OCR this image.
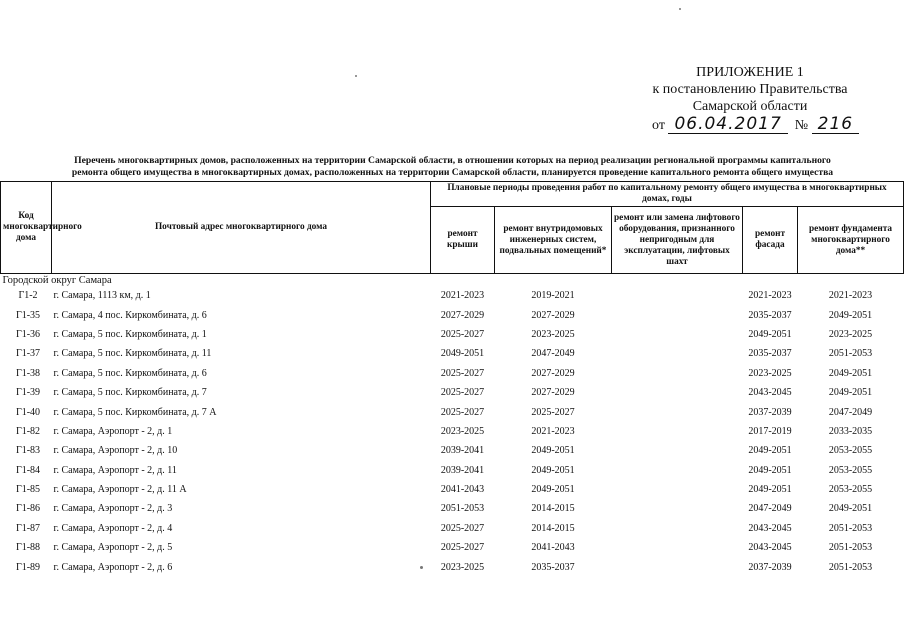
ПРИЛОЖЕНИЕ 1
к постановлению Правительства
Самарской области
от 06.04.2017 № 216
Перечень многоквартирных домов, расположенных на территории Самарской области, в отношении которых на период реализации региональной программы капитального
ремонта общего имущества в многоквартирных домах, расположенных на территории Самарской области, планируется проведение капитального ремонта общего имущества
Код многоквартирного дома	Почтовый адрес многоквартирного дома	Плановые периоды проведения работ по капитальному ремонту общего имущества в многоквартирных домах, годы				
		ремонт крыши	ремонт внутридомовых инженерных систем, подвальных помещений*	ремонт или замена лифтового оборудования, признанного непригодным для эксплуатации, лифтовых шахт	ремонт фасада	ремонт фундамента многоквартирного дома**
Городской округ Самара						
Г1-2	г. Самара, 1113 км, д. 1	2021-2023	2019-2021		2021-2023	2021-2023
Г1-35	г. Самара, 4 пос. Киркомбината, д. 6	2027-2029	2027-2029		2035-2037	2049-2051
Г1-36	г. Самара, 5 пос. Киркомбината, д. 1	2025-2027	2023-2025		2049-2051	2023-2025
Г1-37	г. Самара, 5 пос. Киркомбината, д. 11	2049-2051	2047-2049		2035-2037	2051-2053
Г1-38	г. Самара, 5 пос. Киркомбината, д. 6	2025-2027	2027-2029		2023-2025	2049-2051
Г1-39	г. Самара, 5 пос. Киркомбината, д. 7	2025-2027	2027-2029		2043-2045	2049-2051
Г1-40	г. Самара, 5 пос. Киркомбината, д. 7 А	2025-2027	2025-2027		2037-2039	2047-2049
Г1-82	г. Самара, Аэропорт - 2, д. 1	2023-2025	2021-2023		2017-2019	2033-2035
Г1-83	г. Самара, Аэропорт - 2, д. 10	2039-2041	2049-2051		2049-2051	2053-2055
Г1-84	г. Самара, Аэропорт - 2, д. 11	2039-2041	2049-2051		2049-2051	2053-2055
Г1-85	г. Самара, Аэропорт - 2, д. 11 А	2041-2043	2049-2051		2049-2051	2053-2055
Г1-86	г. Самара, Аэропорт - 2, д. 3	2051-2053	2014-2015		2047-2049	2049-2051
Г1-87	г. Самара, Аэропорт - 2, д. 4	2025-2027	2014-2015		2043-2045	2051-2053
Г1-88	г. Самара, Аэропорт - 2, д. 5	2025-2027	2041-2043		2043-2045	2051-2053
Г1-89	г. Самара, Аэропорт - 2, д. 6	2023-2025	2035-2037		2037-2039	2051-2053
